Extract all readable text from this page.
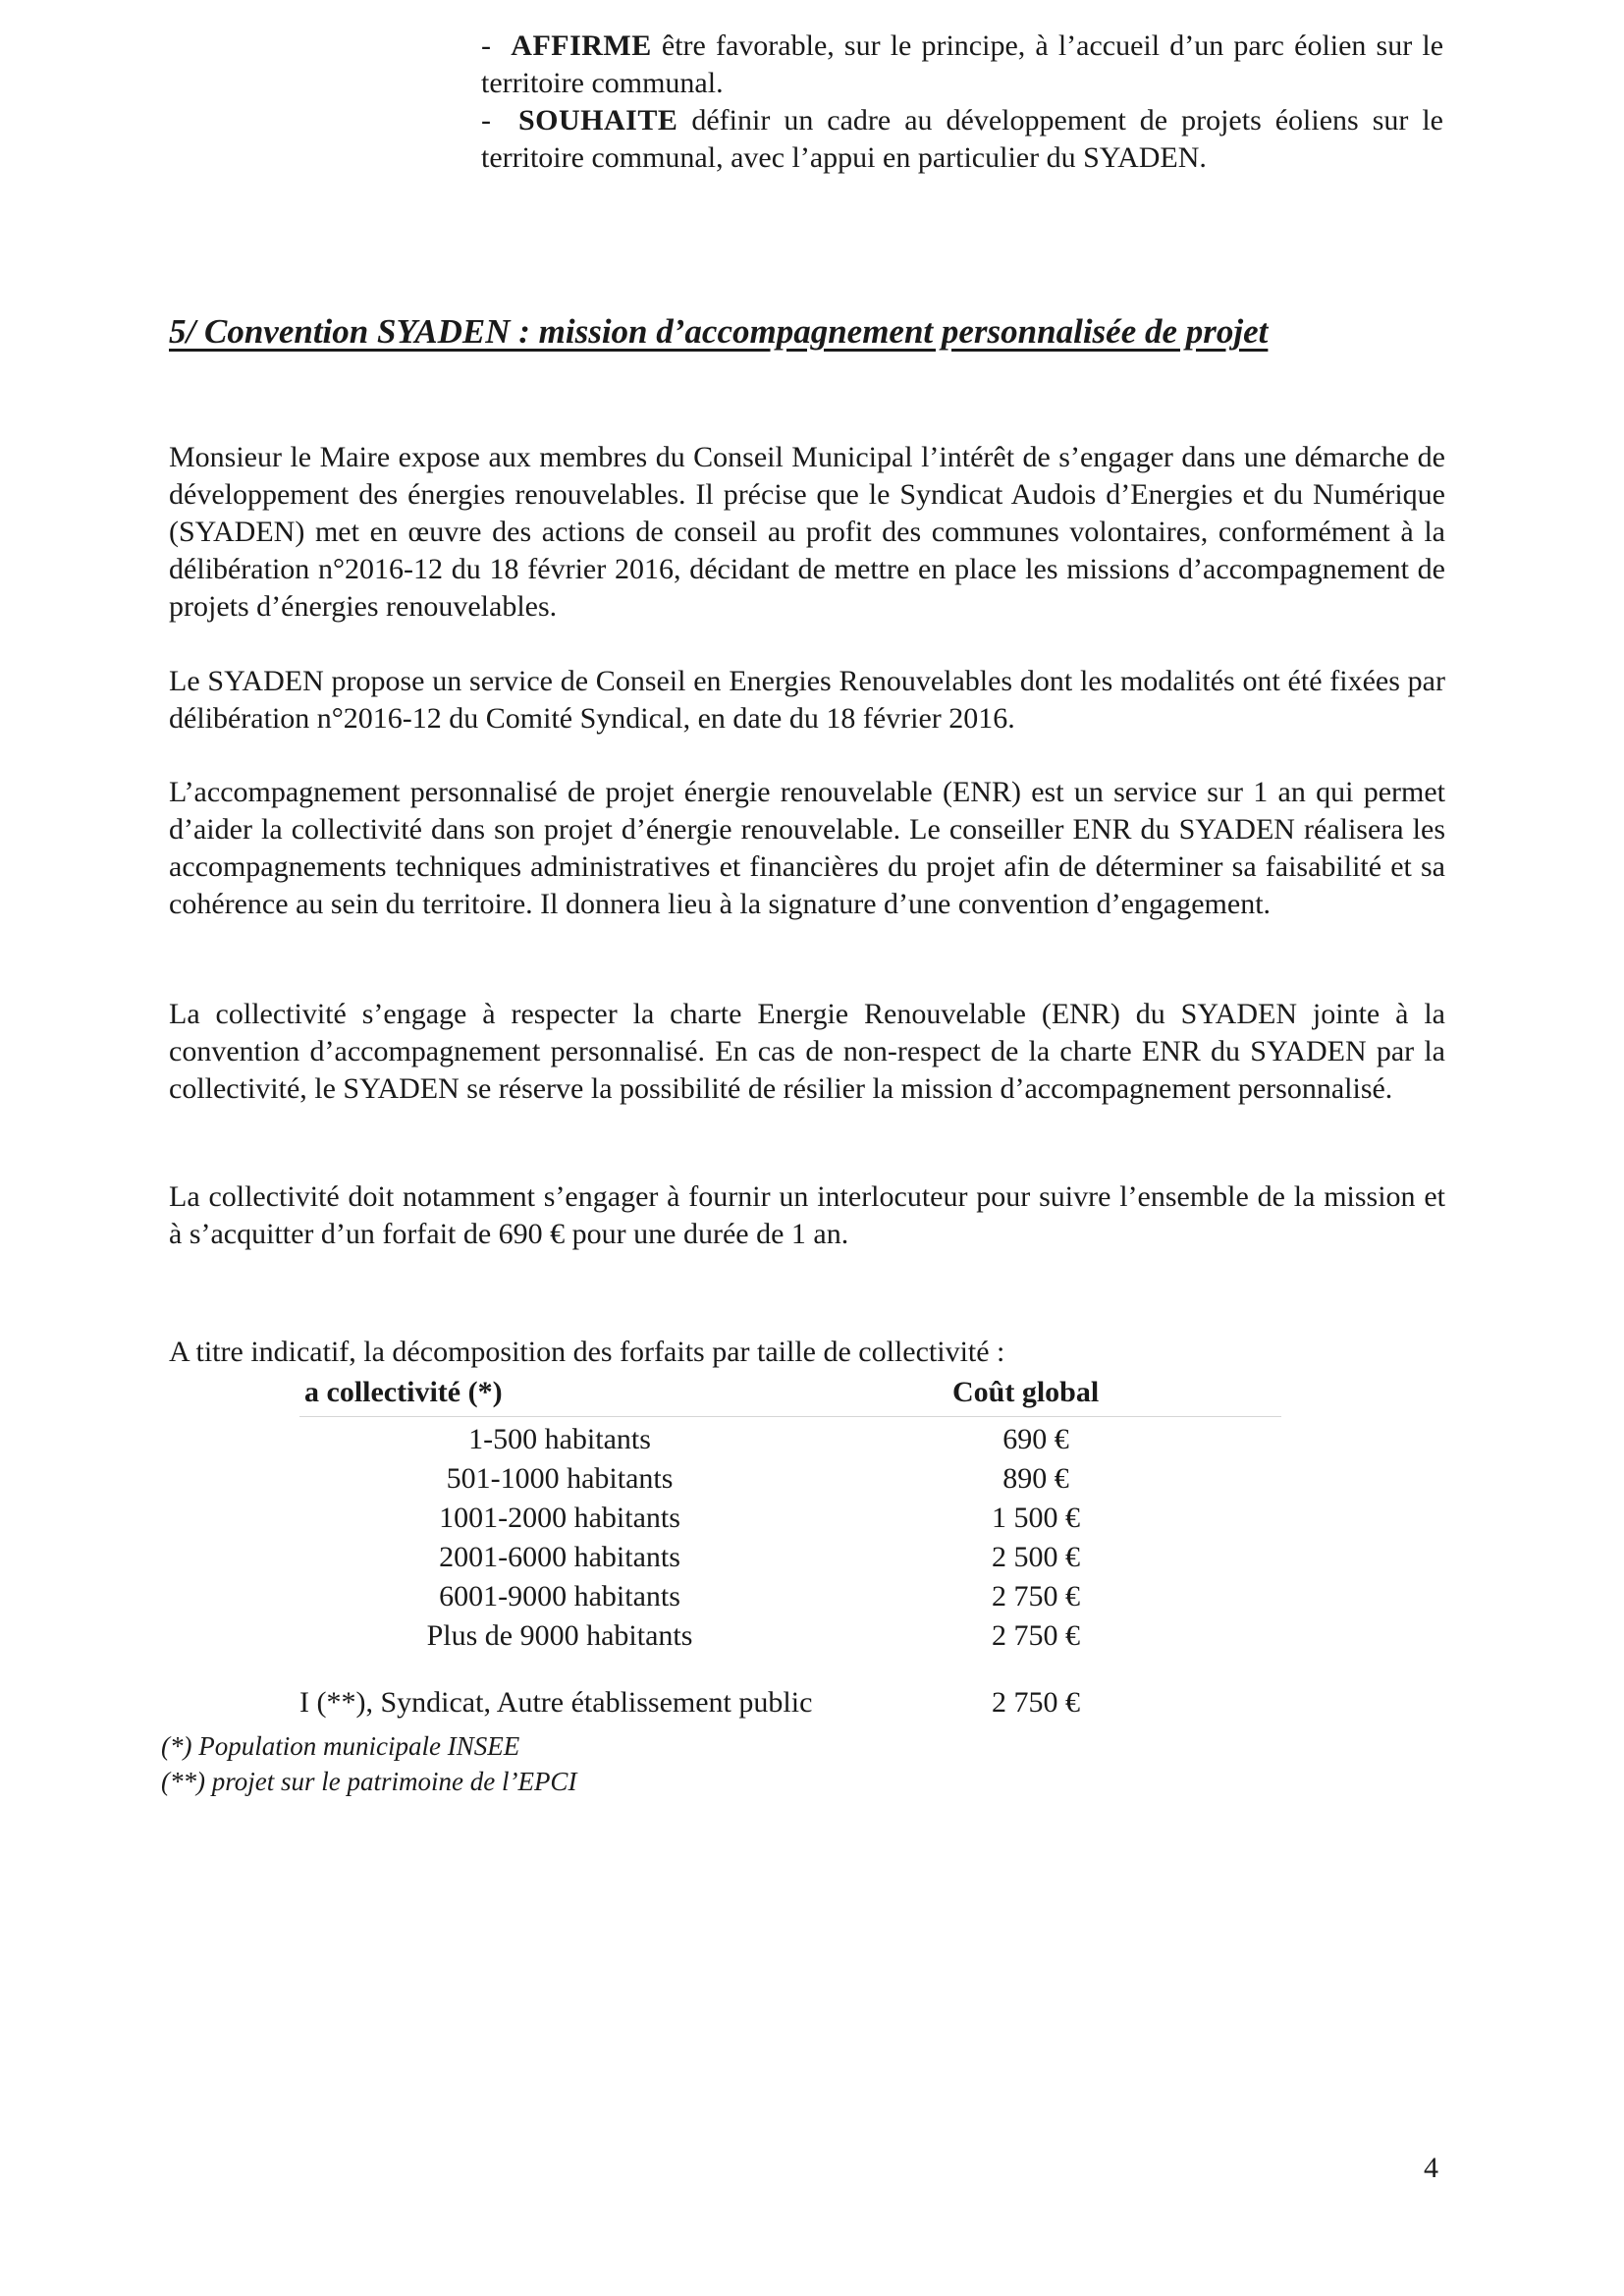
- AFFIRME être favorable, sur le principe, à l’accueil d’un parc éolien sur le territoire communal.

- SOUHAITE définir un cadre au développement de projets éoliens sur le territoire communal, avec l’appui en particulier du SYADEN.

5/ Convention SYADEN : mission d’accompagnement personnalisée de projet

Monsieur le Maire expose aux membres du Conseil Municipal l’intérêt de s’engager dans une démarche de développement des énergies renouvelables. Il précise que le Syndicat Audois d’Energies et du Numérique (SYADEN) met en œuvre des actions de conseil au profit des communes volontaires, conformément à la délibération n°2016-12 du 18 février 2016, décidant de mettre en place les missions d’accompagnement de projets d’énergies renouvelables.

Le SYADEN propose un service de Conseil en Energies Renouvelables dont les modalités ont été fixées par délibération n°2016-12 du Comité Syndical, en date du 18 février 2016.

L’accompagnement personnalisé de projet énergie renouvelable (ENR) est un service sur 1 an qui permet d’aider la collectivité dans son projet d’énergie renouvelable. Le conseiller ENR du SYADEN réalisera les accompagnements techniques administratives et financières du projet afin de déterminer sa faisabilité et sa cohérence au sein du territoire. Il donnera lieu à la signature d’une convention d’engagement.

La collectivité s’engage à respecter la charte Energie Renouvelable (ENR) du SYADEN jointe à la convention d’accompagnement personnalisé. En cas de non-respect de la charte ENR du SYADEN par la collectivité, le SYADEN se réserve la possibilité de résilier la mission d’accompagnement personnalisé.

La collectivité doit notamment s’engager à fournir un interlocuteur pour suivre l’ensemble de la mission et à s’acquitter d’un forfait de 690 € pour une durée de 1 an.

A titre indicatif, la décomposition des forfaits par taille de collectivité :

a collectivité (*)	Coût global
1-500 habitants	690 €
501-1000 habitants	890 €
1001-2000 habitants	1 500 €
2001-6000 habitants	2 500 €
6001-9000 habitants	2 750 €
Plus de 9000 habitants	2 750 €
I (**), Syndicat, Autre établissement public	2 750 €

(*) Population municipale INSEE

(**) projet sur le patrimoine de l’EPCI

4
